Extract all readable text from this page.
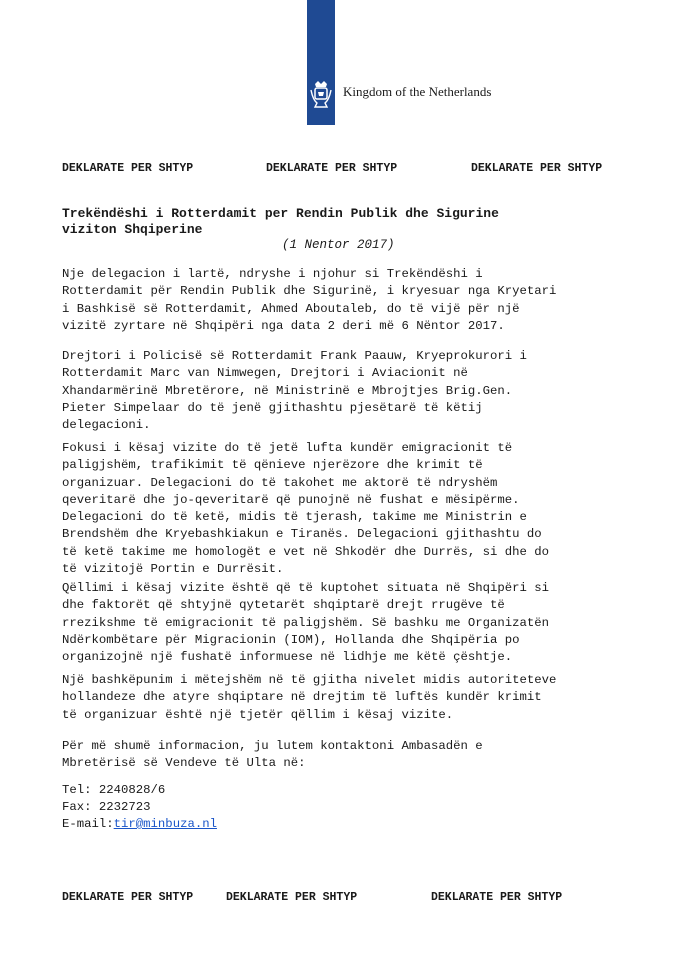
Kingdom of the Netherlands
DEKLARATE PER SHTYP	DEKLARATE PER SHTYP	DEKLARATE PER SHTYP
Trekëndëshi i Rotterdamit per Rendin Publik dhe Sigurine
viziton Shqiperine
(1 Nentor 2017)
Nje delegacion i lartë, ndryshe i njohur si Trekëndëshi i
Rotterdamit për Rendin Publik dhe Sigurinë, i kryesuar nga Kryetari
i Bashkisë së Rotterdamit, Ahmed Aboutaleb, do të vijë për një
vizitë zyrtare në Shqipëri nga data 2 deri më 6 Nëntor 2017.
Drejtori i Policisë së Rotterdamit Frank Paauw, Kryeprokurori i
Rotterdamit Marc van Nimwegen, Drejtori i Aviacionit në
Xhandarmërinë Mbretërore, në Ministrinë e Mbrojtjes Brig.Gen.
Pieter Simpelaar do të jenë gjithashtu pjesëtarë të këtij
delegacioni.
Fokusi i kësaj vizite do të jetë lufta kundër emigracionit të
paligjshëm, trafikimit të qënieve njerëzore dhe krimit të
organizuar. Delegacioni do të takohet me aktorë të ndryshëm
qeveritarë dhe jo-qeveritarë që punojnë në fushat e mësipërme.
Delegacioni do të ketë, midis të tjerash, takime me Ministrin e
Brendshëm dhe Kryebashkiakun e Tiranës. Delegacioni gjithashtu do
të ketë takime me homologët e vet në Shkodër dhe Durrës, si dhe do
të vizitojë Portin e Durrësit.
Qëllimi i kësaj vizite është që të kuptohet situata në Shqipëri si
dhe faktorët që shtyjnë qytetarët shqiptarë drejt rrugëve të
rrezikshme të emigracionit të paligjshëm. Së bashku me Organizatën
Ndërkombëtare për Migracionin (IOM), Hollanda dhe Shqipëria po
organizojnë një fushatë informuese në lidhje me këtë çështje.
Një bashkëpunim i mëtejshëm në të gjitha nivelet midis autoriteteve
hollandeze dhe atyre shqiptare në drejtim të luftës kundër krimit
të organizuar është një tjetër qëllim i kësaj vizite.
Për më shumë informacion, ju lutem kontaktoni Ambasadën e
Mbretërisë së Vendeve të Ulta në:
Tel: 2240828/6
Fax: 2232723
E-mail:tir@minbuza.nl
DEKLARATE PER SHTYP	DEKLARATE PER SHTYP	DEKLARATE PER SHTYP
